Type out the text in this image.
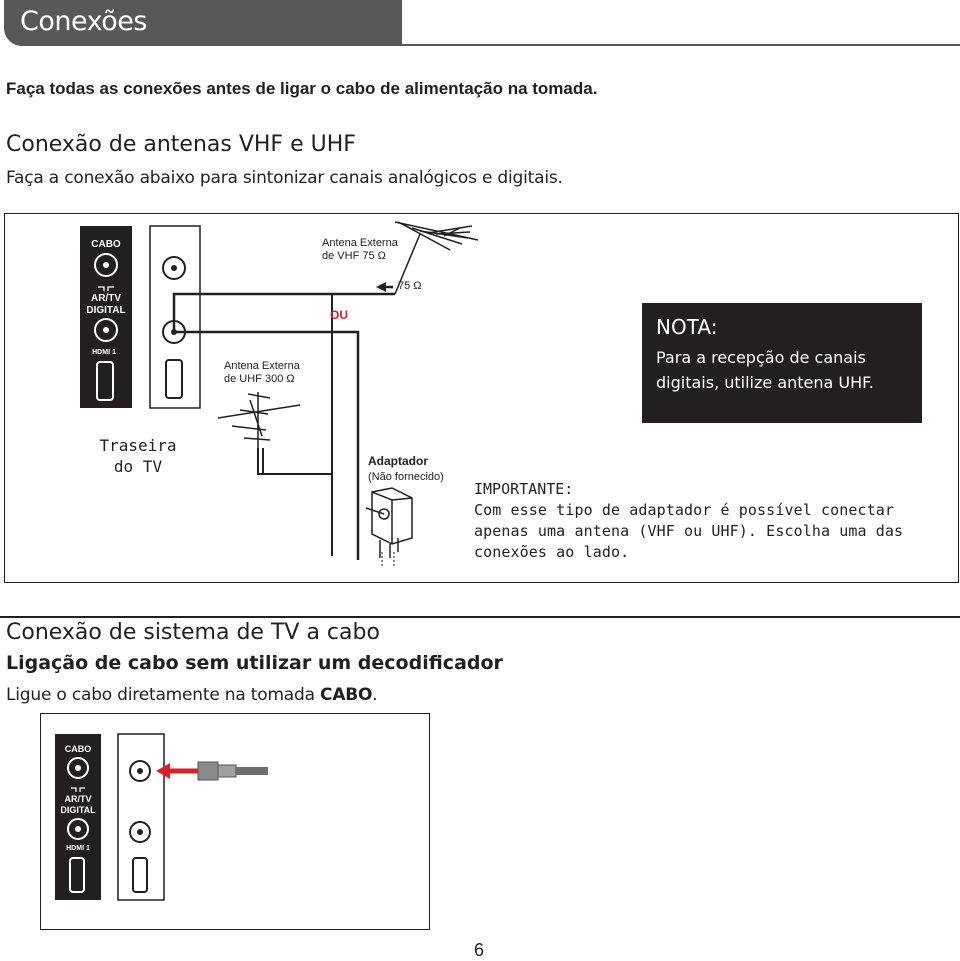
Conexões
Faça todas as conexões antes de ligar o cabo de alimentação na tomada.
Conexão de antenas VHF e UHF
Faça a conexão abaixo para sintonizar canais analógicos e digitais.
CABO
AR/TV
DIGITAL
HDMI 1
Antena Externa
de VHF 75 Ω
75 Ω
OU
Antena Externa
de UHF 300 Ω
Adaptador
(Não fornecido)
Traseira
do TV
NOTA:
Para a recepção de canais digitais, utilize antena UHF.
IMPORTANTE:
Com esse tipo de adaptador é possível conectar apenas uma antena (VHF ou UHF). Escolha uma das conexões ao lado.
Conexão de sistema de TV a cabo
Ligação de cabo sem utilizar um decodificador
Ligue o cabo diretamente na tomada CABO.
CABO
AR/TV
DIGITAL
HDMI 1
6
